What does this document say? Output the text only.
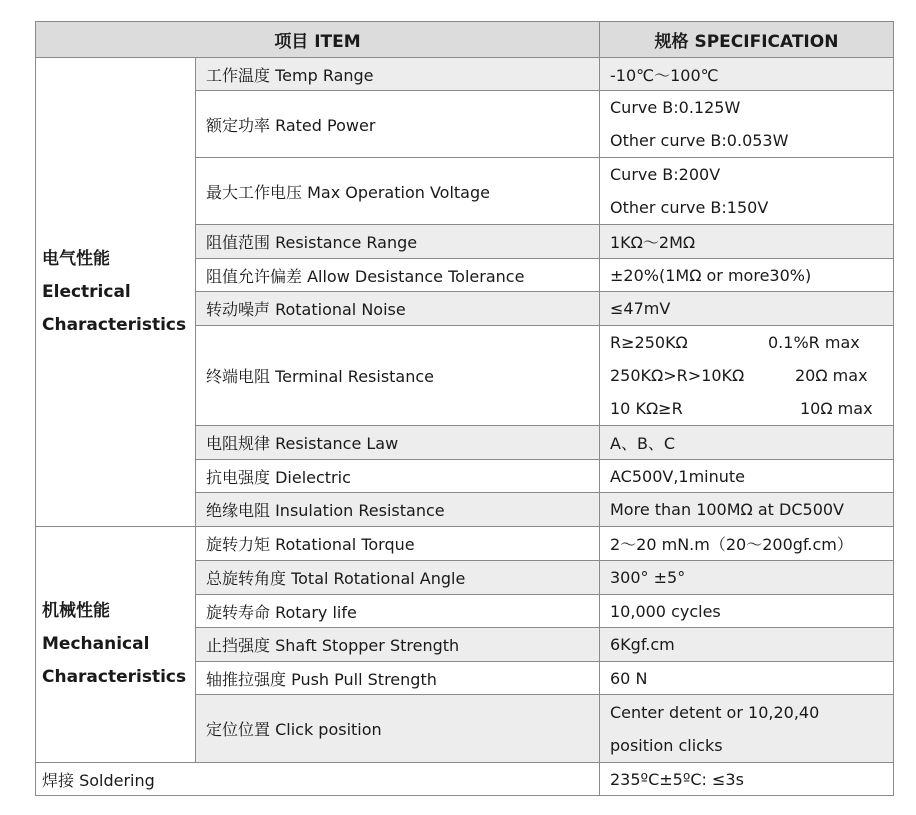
项目 ITEM		规格 SPECIFICATION

电气性能
Electrical
Characteristics	工作温度 Temp Range	-10℃～100℃
	额定功率 Rated Power	Curve B:0.125W
Other curve B:0.053W

	最大工作电压 Max Operation Voltage	Curve B:200V
Other curve B:150V

	阻值范围 Resistance Range	1KΩ～2MΩ
	阻值允许偏差 Allow Desistance Tolerance	±20%(1MΩ or more30%)
	转动噪声 Rotational Noise	≤47mV
	终端电阻 Terminal Resistance	R≥250KΩ 0.1%R max
250KΩ>R>10KΩ 20Ω max
10 KΩ≥R 10Ω max

	电阻规律 Resistance Law	A、B、C
	抗电强度 Dielectric	AC500V,1minute
	绝缘电阻 Insulation Resistance	More than 100MΩ at DC500V

机械性能
Mechanical
Characteristics	旋转力矩 Rotational Torque	2～20 mN.m（20～200gf.cm）
	总旋转角度 Total Rotational Angle	300° ±5°
	旋转寿命 Rotary life	10,000 cycles
	止挡强度 Shaft Stopper Strength	6Kgf.cm
	轴推拉强度 Push Pull Strength	60 N
	定位位置 Click position	Center detent or 10,20,40
position clicks

焊接 Soldering		235ºC±5ºC: ≤3s
